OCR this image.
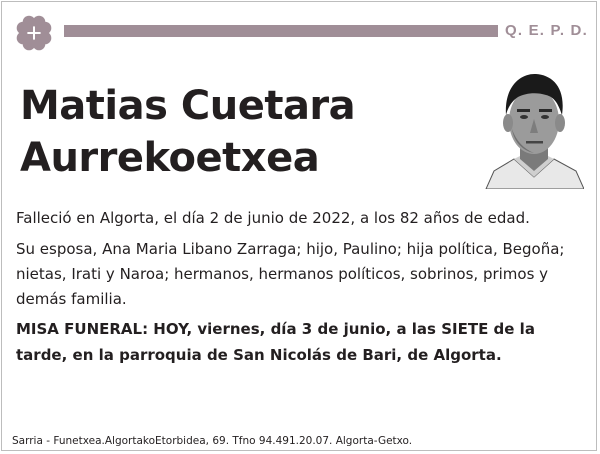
Q. E. P. D.
Matias Cuetara
Aurrekoetxea

Falleció en Algorta, el día 2 de junio de 2022, a los 82 años de edad.

Su esposa, Ana Maria Libano Zarraga; hijo, Paulino; hija política, Begoña; nietas, Irati y Naroa; hermanos, hermanos políticos, sobrinos, primos y demás familia.

MISA FUNERAL: HOY, viernes, día 3 de junio, a las SIETE de la tarde, en la parroquia de San Nicolás de Bari, de Algorta.

Sarria - Funetxea.AlgortakoEtorbidea, 69. Tfno 94.491.20.07. Algorta-Getxo.
